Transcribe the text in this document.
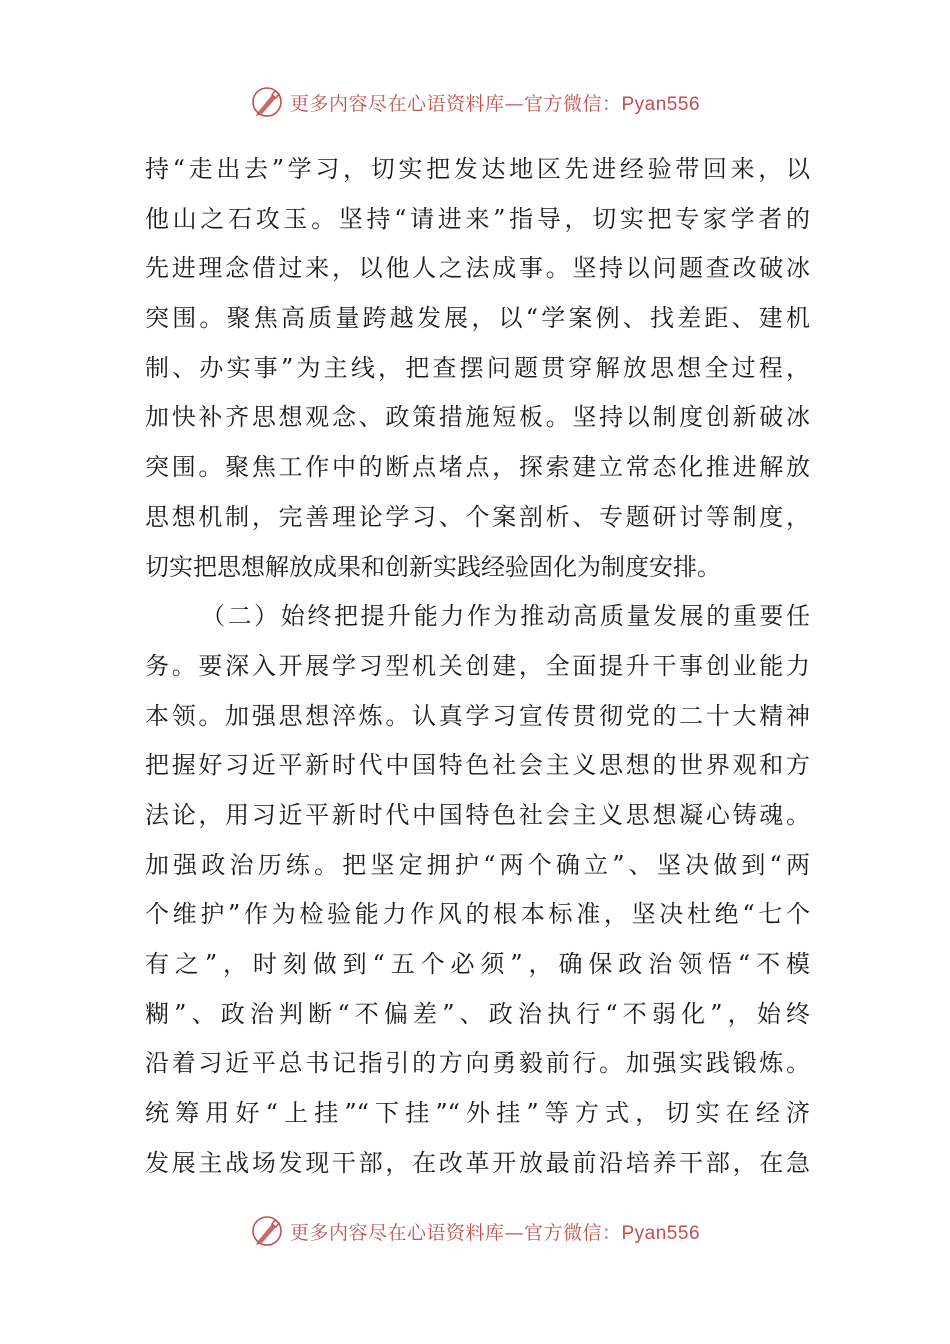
更多内容尽在心语资料库—官方微信：Pyan556
持“走出去”学习，切实把发达地区先进经验带回来，以
他山之石攻玉。坚持“请进来”指导，切实把专家学者的
先进理念借过来，以他人之法成事。坚持以问题查改破冰
突围。聚焦高质量跨越发展，以“学案例、找差距、建机
制、办实事”为主线，把查摆问题贯穿解放思想全过程，
加快补齐思想观念、政策措施短板。坚持以制度创新破冰
突围。聚焦工作中的断点堵点，探索建立常态化推进解放
思想机制，完善理论学习、个案剖析、专题研讨等制度，
切实把思想解放成果和创新实践经验固化为制度安排。
（二）始终把提升能力作为推动高质量发展的重要任
务。要深入开展学习型机关创建，全面提升干事创业能力
本领。加强思想淬炼。认真学习宣传贯彻党的二十大精神
把握好习近平新时代中国特色社会主义思想的世界观和方
法论，用习近平新时代中国特色社会主义思想凝心铸魂。
加强政治历练。把坚定拥护“两个确立”、坚决做到“两
个维护”作为检验能力作风的根本标准，坚决杜绝“七个
有之”，时刻做到“五个必须”，确保政治领悟“不模
糊”、政治判断“不偏差”、政治执行“不弱化”，始终
沿着习近平总书记指引的方向勇毅前行。加强实践锻炼。
统筹用好“上挂”“下挂”“外挂”等方式，切实在经济
发展主战场发现干部，在改革开放最前沿培养干部，在急
更多内容尽在心语资料库—官方微信：Pyan556
